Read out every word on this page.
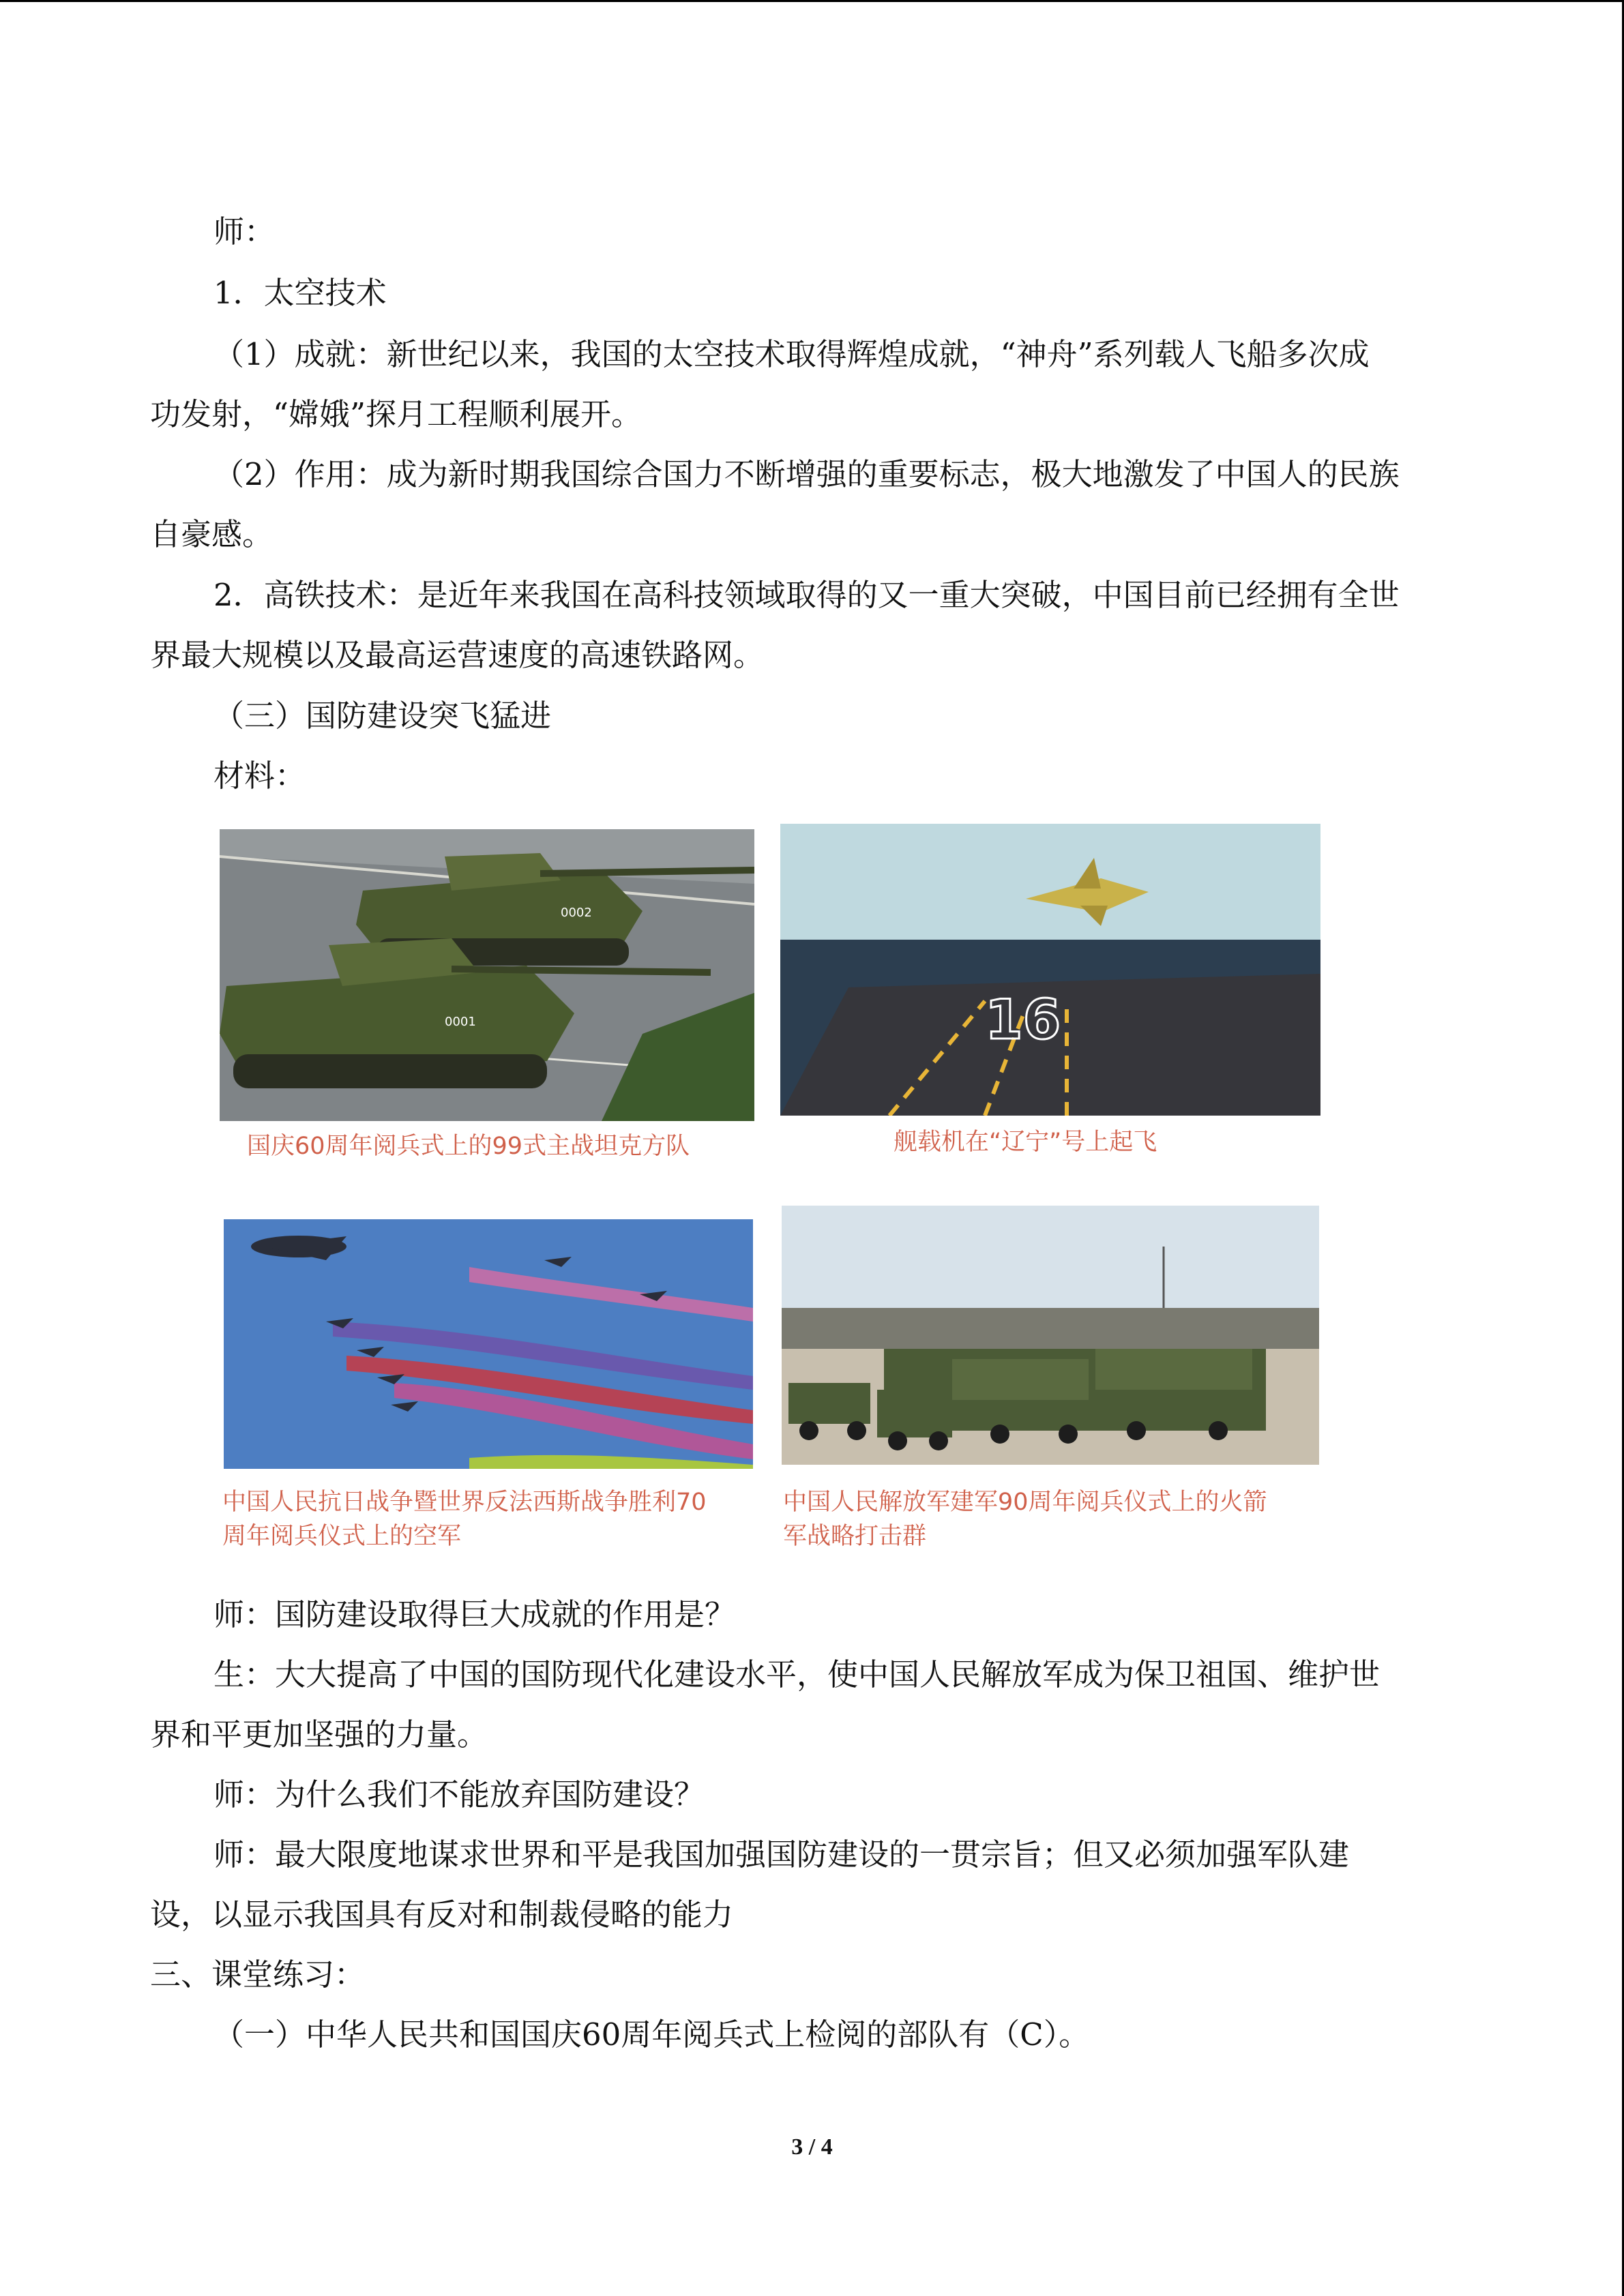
师：
1．太空技术
（1）成就：新世纪以来，我国的太空技术取得辉煌成就，“神舟”系列载人飞船多次成
功发射，“嫦娥”探月工程顺利展开。
（2）作用：成为新时期我国综合国力不断增强的重要标志，极大地激发了中国人的民族
自豪感。
2．高铁技术：是近年来我国在高科技领域取得的又一重大突破，中国目前已经拥有全世
界最大规模以及最高运营速度的高速铁路网。
（三）国防建设突飞猛进
材料：
0002
0001
国庆60周年阅兵式上的99式主战坦克方队
16
舰载机在“辽宁”号上起飞
中国人民抗日战争暨世界反法西斯战争胜利70
周年阅兵仪式上的空军
中国人民解放军建军90周年阅兵仪式上的火箭
军战略打击群
师：国防建设取得巨大成就的作用是？
生：大大提高了中国的国防现代化建设水平，使中国人民解放军成为保卫祖国、维护世
界和平更加坚强的力量。
师：为什么我们不能放弃国防建设？
师：最大限度地谋求世界和平是我国加强国防建设的一贯宗旨；但又必须加强军队建
设，以显示我国具有反对和制裁侵略的能力
三、课堂练习：
（一）中华人民共和国国庆60周年阅兵式上检阅的部队有（C）。
3 / 4
